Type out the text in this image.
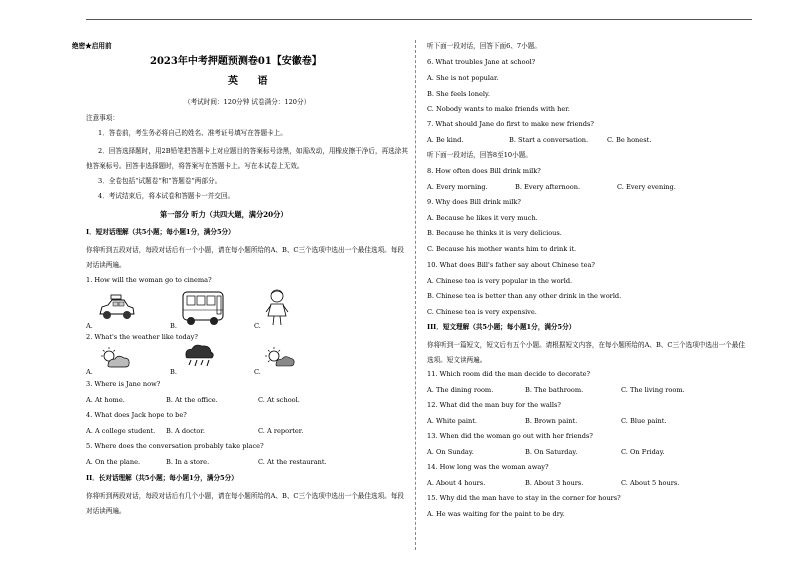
绝密★启用前
2023年中考押题预测卷01【安徽卷】
英 语
（考试时间：120分钟 试卷满分：120分）
注意事项：
1．答卷前，考生务必将自己的姓名、准考证号填写在答题卡上。
2．回答选择题时，用2B铅笔把答题卡上对应题目的答案标号涂黑，如需改动，用橡皮擦干净后，再选涂其他答案标号。回答非选择题时，将答案写在答题卡上。写在本试卷上无效。
3．全卷包括“试题卷”和“答题卷”两部分。
4．考试结束后，将本试卷和答题卡一并交回。
第一部分 听力（共四大题，满分20分）
I．短对话理解（共5小题；每小题1分，满分5分）
你将听到五段对话，每段对话后有一个小题，请在每小题所给的A、B、C三个选项中选出一个最佳选项。每段对话读两遍。
1. How will the woman go to cinema?
A.	B.	C.
2. What's the weather like today?
A.	B.	C.
3. Where is Jane now?
A. At home.	B. At the office.	C. At school.
4. What does Jack hope to be?
A. A college student. B. A doctor.	C. A reporter.
5. Where does the conversation probably take place?
A. On the plane.	B. In a store.	C. At the restaurant.
II．长对话理解（共5小题；每小题1分，满分5分）
你将听到两段对话，每段对话后有几个小题，请在每小题所给的A、B、C三个选项中选出一个最佳选项。每段对话读两遍。
听下面一段对话，回答下面6、7小题。
6. What troubles Jane at school?
A. She is not popular.
B. She feels lonely.
C. Nobody wants to make friends with her.
7. What should Jane do first to make new friends?
A. Be kind.	B. Start a conversation.	C. Be honest.
听下面一段对话，回答8至10小题。
8. How often does Bill drink milk?
A. Every morning.	B. Every afternoon.	C. Every evening.
9. Why does Bill drink milk?
A. Because he likes it very much.
B. Because he thinks it is very delicious.
C. Because his mother wants him to drink it.
10. What does Bill's father say about Chinese tea?
A. Chinese tea is very popular in the world.
B. Chinese tea is better than any other drink in the world.
C. Chinese tea is very expensive.
III．短文理解（共5小题；每小题1分，满分5分）
你将听到一篇短文，短文后有五个小题。请根据短文内容，在每小题所给的A、B、C三个选项中选出一个最佳选项。短文读两遍。
11. Which room did the man decide to decorate?
A. The dining room.	B. The bathroom.	C. The living room.
12. What did the man buy for the walls?
A. White paint.	B. Brown paint.	C. Blue paint.
13. When did the woman go out with her friends?
A. On Sunday.	B. On Saturday.	C. On Friday.
14. How long was the woman away?
A. About 4 hours.	B. About 3 hours.	C. About 5 hours.
15. Why did the man have to stay in the corner for hours?
A. He was waiting for the paint to be dry.
